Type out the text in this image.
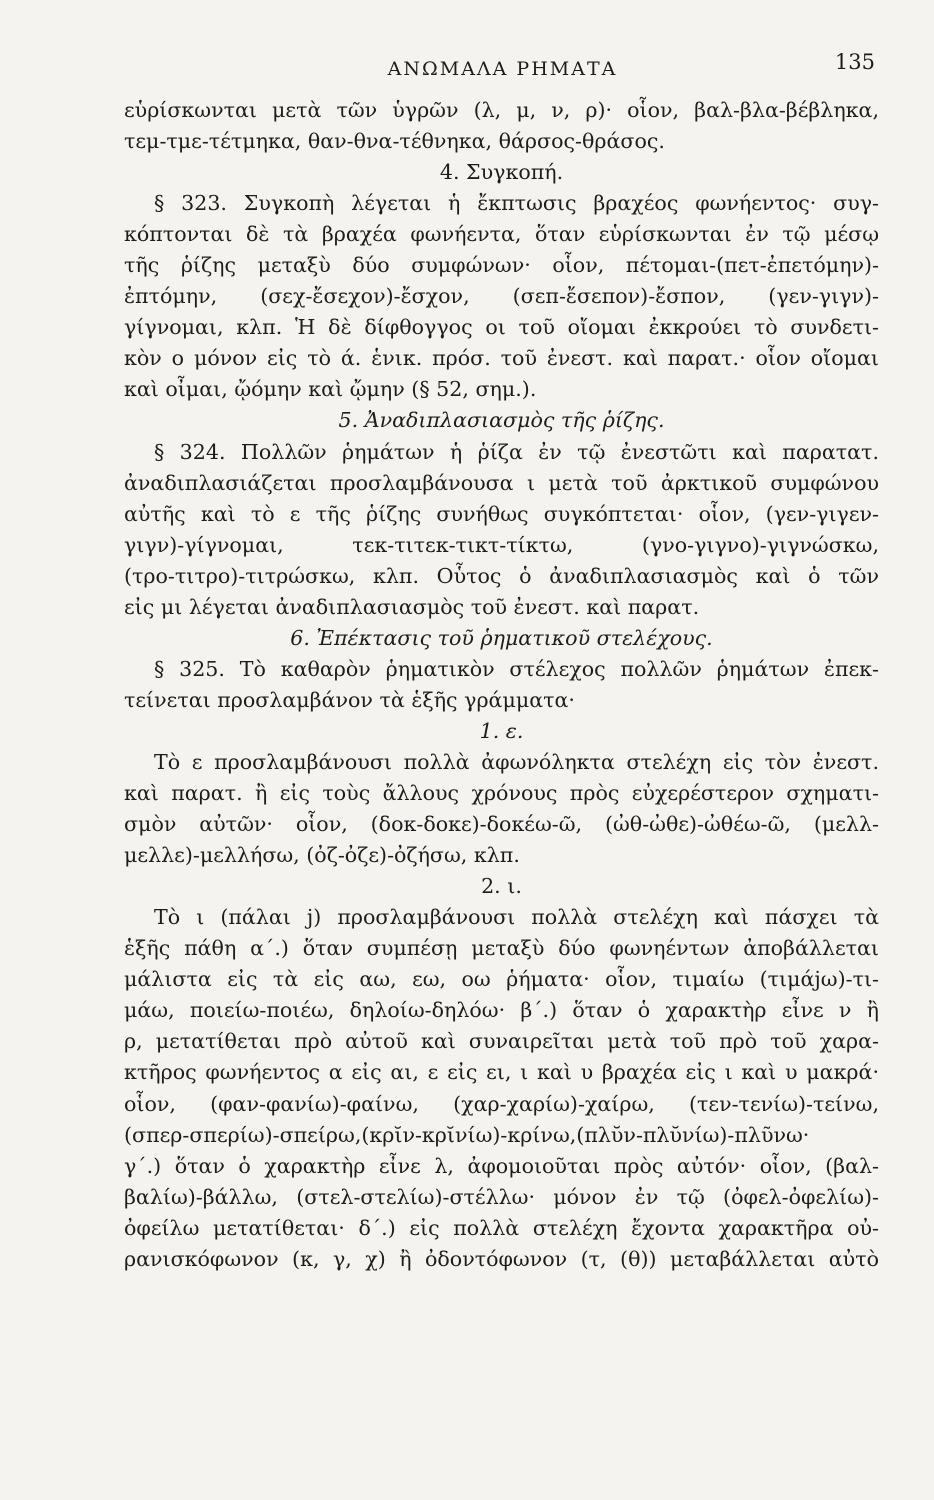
ΑΝΩΜΑΛΑ ΡΗΜΑΤΑ	135
εὑρίσκωνται μετὰ τῶν ὑγρῶν (λ, μ, ν, ρ)· οἷον, βαλ-βλα-βέβληκα,
τεμ-τμε-τέτμηκα, θαν-θνα-τέθνηκα, θάρσος-θράσος.
4. Συγκοπή.
§ 323. Συγκοπὴ λέγεται ἡ ἔκπτωσις βραχέος φωνήεντος· συγ-
κόπτονται δὲ τὰ βραχέα φωνήεντα, ὅταν εὑρίσκωνται ἐν τῷ μέσῳ
τῆς ῥίζης μεταξὺ δύο συμφώνων· οἷον, πέτομαι-(πετ-ἐπετόμην)-
ἐπτόμην, (σεχ-ἔσεχον)-ἔσχον, (σεπ-ἔσεπον)-ἔσπον, (γεν-γιγν)-
γίγνομαι, κλπ. Ἡ δὲ δίφθογγος οι τοῦ οἴομαι ἐκκρούει τὸ συνδετι-
κὸν ο μόνον εἰς τὸ ά. ἑνικ. πρόσ. τοῦ ἐνεστ. καὶ παρατ.· οἷον οἴομαι
καὶ οἶμαι, ᾤόμην καὶ ᾤμην (§ 52, σημ.).
5. Ἀναδιπλασιασμὸς τῆς ῥίζης.
§ 324. Πολλῶν ῥημάτων ἡ ῥίζα ἐν τῷ ἐνεστῶτι καὶ παρατατ.
ἀναδιπλασιάζεται προσλαμβάνουσα ι μετὰ τοῦ ἀρκτικοῦ συμφώνου
αὐτῆς καὶ τὸ ε τῆς ῥίζης συνήθως συγκόπτεται· οἷον, (γεν-γιγεν-
γιγν)-γίγνομαι, τεκ-τιτεκ-τικτ-τίκτω, (γνο-γιγνο)-γιγνώσκω,
(τρο-τιτρο)-τιτρώσκω, κλπ. Οὗτος ὁ ἀναδιπλασιασμὸς καὶ ὁ τῶν
εἰς μι λέγεται ἀναδιπλασιασμὸς τοῦ ἐνεστ. καὶ παρατ.
6. Ἐπέκτασις τοῦ ῥηματικοῦ στελέχους.
§ 325. Τὸ καθαρὸν ῥηματικὸν στέλεχος πολλῶν ῥημάτων ἐπεκ-
τείνεται προσλαμβάνον τὰ ἑξῆς γράμματα·
1. ε.
Τὸ ε προσλαμβάνουσι πολλὰ ἀφωνόληκτα στελέχη εἰς τὸν ἐνεστ.
καὶ παρατ. ἢ εἰς τοὺς ἄλλους χρόνους πρὸς εὐχερέστερον σχηματι-
σμὸν αὐτῶν· οἷον, (δοκ-δοκε)-δοκέω-ῶ, (ὠθ-ὠθε)-ὠθέω-ῶ, (μελλ-
μελλε)-μελλήσω, (ὀζ-ὀζε)-ὀζήσω, κλπ.
2. ι.
Τὸ ι (πάλαι j) προσλαμβάνουσι πολλὰ στελέχη καὶ πάσχει τὰ
ἑξῆς πάθη α΄.) ὅταν συμπέσῃ μεταξὺ δύο φωνηέντων ἀποβάλλεται
μάλιστα εἰς τὰ εἰς αω, εω, οω ῥήματα· οἷον, τιμαίω (τιμάjω)-τι-
μάω, ποιείω-ποιέω, δηλοίω-δηλόω· β΄.) ὅταν ὁ χαρακτὴρ εἶνε ν ἢ
ρ, μετατίθεται πρὸ αὐτοῦ καὶ συναιρεῖται μετὰ τοῦ πρὸ τοῦ χαρα-
κτῆρος φωνήεντος α εἰς αι, ε εἰς ει, ι καὶ υ βραχέα εἰς ι καὶ υ μακρά·
οἷον, (φαν-φανίω)-φαίνω, (χαρ-χαρίω)-χαίρω, (τεν-τενίω)-τείνω,
(σπερ-σπερίω)-σπείρω,(κρῐν-κρῐνίω)-κρίνω,(πλῠν-πλῠνίω)-πλῦνω·
γ΄.) ὅταν ὁ χαρακτὴρ εἶνε λ, ἀφομοιοῦται πρὸς αὐτόν· οἷον, (βαλ-
βαλίω)-βάλλω, (στελ-στελίω)-στέλλω· μόνον ἐν τῷ (ὀφελ-ὀφελίω)-
ὀφείλω μετατίθεται· δ΄.) εἰς πολλὰ στελέχη ἔχοντα χαρακτῆρα οὐ-
ρανισκόφωνον (κ, γ, χ) ἢ ὀδοντόφωνον (τ, (θ)) μεταβάλλεται αὐτὸ
